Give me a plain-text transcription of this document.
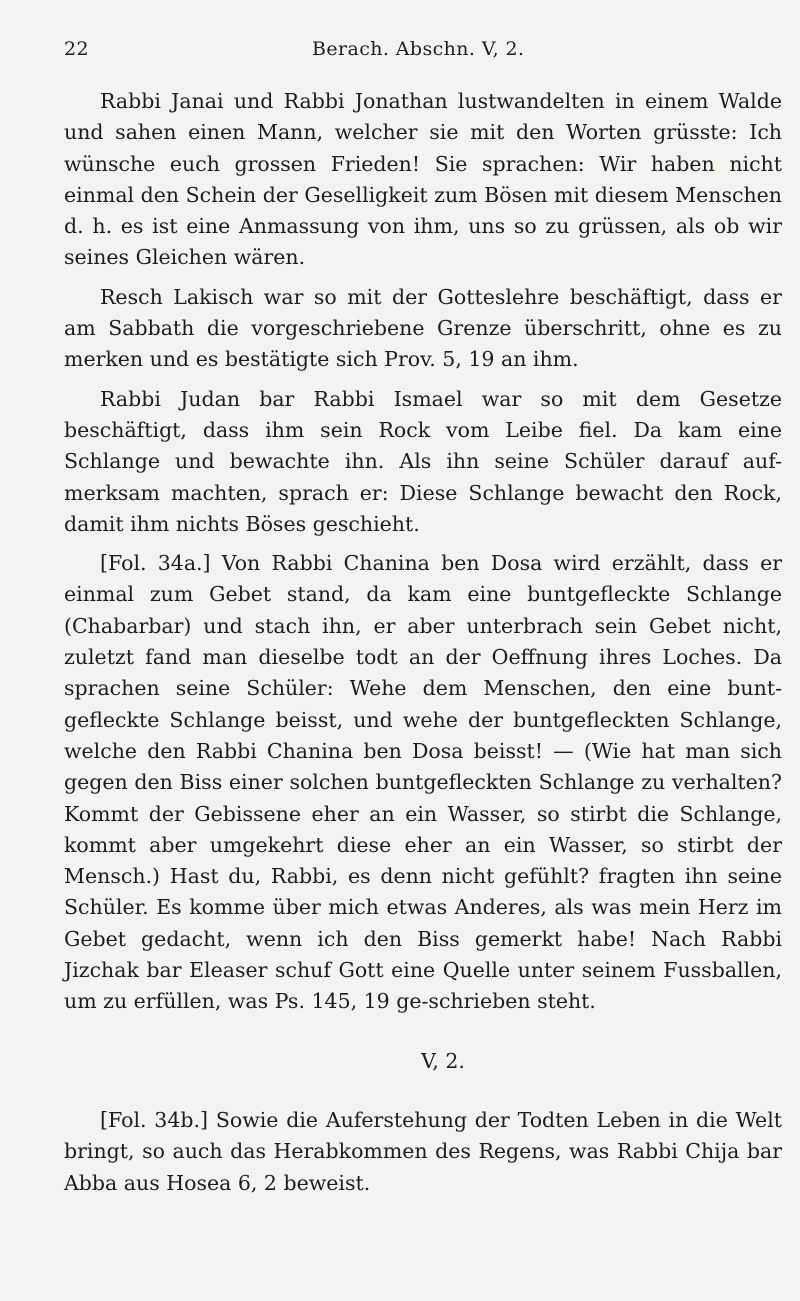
22	Berach. Abschn. V, 2.

Rabbi Janai und Rabbi Jonathan lustwandelten in einem Walde und sahen einen Mann, welcher sie mit den Worten grüsste: Ich wünsche euch grossen Frieden! Sie sprachen: Wir haben nicht einmal den Schein der Geselligkeit zum Bösen mit diesem Menschen d. h. es ist eine Anmassung von ihm, uns so zu grüssen, als ob wir seines Gleichen wären.

Resch Lakisch war so mit der Gotteslehre beschäftigt, dass er am Sabbath die vorgeschriebene Grenze überschritt, ohne es zu merken und es bestätigte sich Prov. 5, 19 an ihm.

Rabbi Judan bar Rabbi Ismael war so mit dem Gesetze beschäftigt, dass ihm sein Rock vom Leibe fiel. Da kam eine Schlange und bewachte ihn. Als ihn seine Schüler darauf auf-merksam machten, sprach er: Diese Schlange bewacht den Rock, damit ihm nichts Böses geschieht.

[Fol. 34a.] Von Rabbi Chanina ben Dosa wird erzählt, dass er einmal zum Gebet stand, da kam eine buntgefleckte Schlange (Chabarbar) und stach ihn, er aber unterbrach sein Gebet nicht, zuletzt fand man dieselbe todt an der Oeffnung ihres Loches. Da sprachen seine Schüler: Wehe dem Menschen, den eine bunt-gefleckte Schlange beisst, und wehe der buntgefleckten Schlange, welche den Rabbi Chanina ben Dosa beisst! — (Wie hat man sich gegen den Biss einer solchen buntgefleckten Schlange zu verhalten? Kommt der Gebissene eher an ein Wasser, so stirbt die Schlange, kommt aber umgekehrt diese eher an ein Wasser, so stirbt der Mensch.) Hast du, Rabbi, es denn nicht gefühlt? fragten ihn seine Schüler. Es komme über mich etwas Anderes, als was mein Herz im Gebet gedacht, wenn ich den Biss gemerkt habe! Nach Rabbi Jizchak bar Eleaser schuf Gott eine Quelle unter seinem Fussballen, um zu erfüllen, was Ps. 145, 19 ge-schrieben steht.

V, 2.

[Fol. 34b.] Sowie die Auferstehung der Todten Leben in die Welt bringt, so auch das Herabkommen des Regens, was Rabbi Chija bar Abba aus Hosea 6, 2 beweist.
